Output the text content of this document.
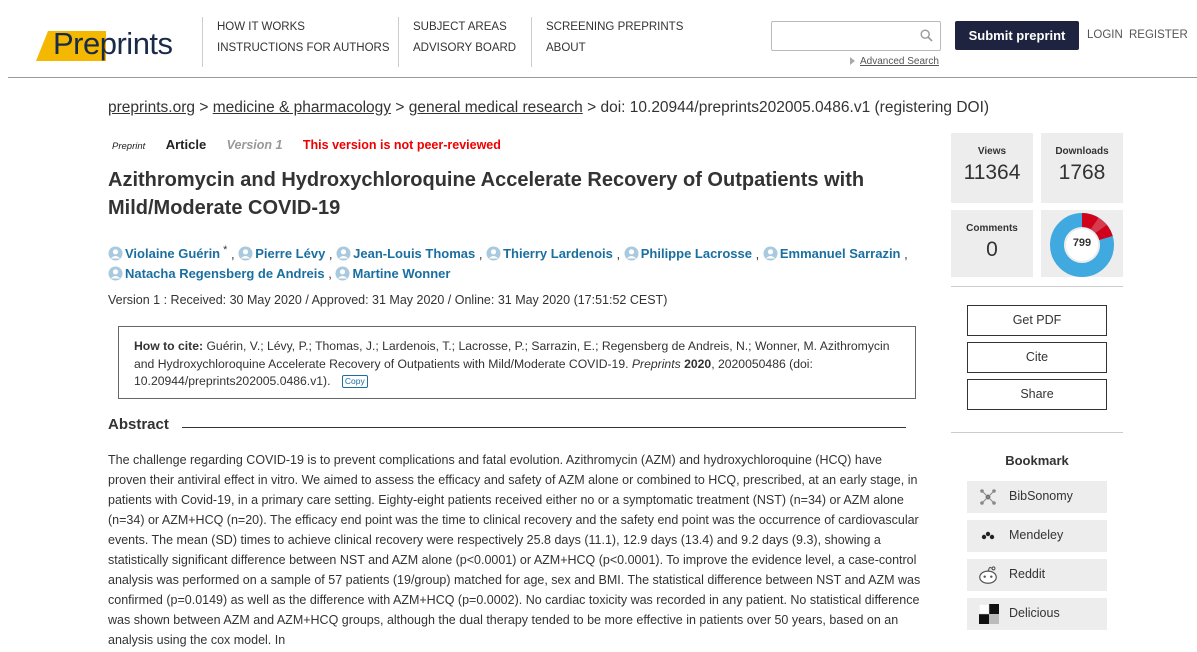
Preprints	HOW IT WORKS
INSTRUCTIONS FOR AUTHORS
SUBJECT AREAS
ADVISORY BOARD
SCREENING PREPRINTS
ABOUT
Advanced Search
Submit preprint	LOGIN REGISTER
preprints.org > medicine & pharmacology > general medical research > doi: 10.20944/preprints202005.0486.v1 (registering DOI)
Preprint Article Version 1 This version is not peer-reviewed
Azithromycin and Hydroxychloroquine Accelerate Recovery of Outpatients with Mild/Moderate COVID-19
Violaine Guérin * , Pierre Lévy , Jean-Louis Thomas , Thierry Lardenois , Philippe Lacrosse , Emmanuel Sarrazin , Natacha Regensberg de Andreis , Martine Wonner
Version 1 : Received: 30 May 2020 / Approved: 31 May 2020 / Online: 31 May 2020 (17:51:52 CEST)
How to cite: Guérin, V.; Lévy, P.; Thomas, J.; Lardenois, T.; Lacrosse, P.; Sarrazin, E.; Regensberg de Andreis, N.; Wonner, M. Azithromycin and Hydroxychloroquine Accelerate Recovery of Outpatients with Mild/Moderate COVID-19. Preprints 2020, 2020050486 (doi: 10.20944/preprints202005.0486.v1). Copy
Abstract
The challenge regarding COVID-19 is to prevent complications and fatal evolution. Azithromycin (AZM) and hydroxychloroquine (HCQ) have proven their antiviral effect in vitro. We aimed to assess the efficacy and safety of AZM alone or combined to HCQ, prescribed, at an early stage, in patients with Covid-19, in a primary care setting. Eighty-eight patients received either no or a symptomatic treatment (NST) (n=34) or AZM alone (n=34) or AZM+HCQ (n=20). The efficacy end point was the time to clinical recovery and the safety end point was the occurrence of cardiovascular events. The mean (SD) times to achieve clinical recovery were respectively 25.8 days (11.1), 12.9 days (13.4) and 9.2 days (9.3), showing a statistically significant difference between NST and AZM alone (p<0.0001) or AZM+HCQ (p<0.0001). To improve the evidence level, a case-control analysis was performed on a sample of 57 patients (19/group) matched for age, sex and BMI. The statistical difference between NST and AZM was confirmed (p=0.0149) as well as the difference with AZM+HCQ (p=0.0002). No cardiac toxicity was recorded in any patient. No statistical difference was shown between AZM and AZM+HCQ groups, although the dual therapy tended to be more effective in patients over 50 years, based on an analysis using the cox model. In
Views
11364
Downloads
1768
Comments
0	799
Get PDF
Cite
Share
Bookmark
BibSonomy
Mendeley
Reddit
Delicious
